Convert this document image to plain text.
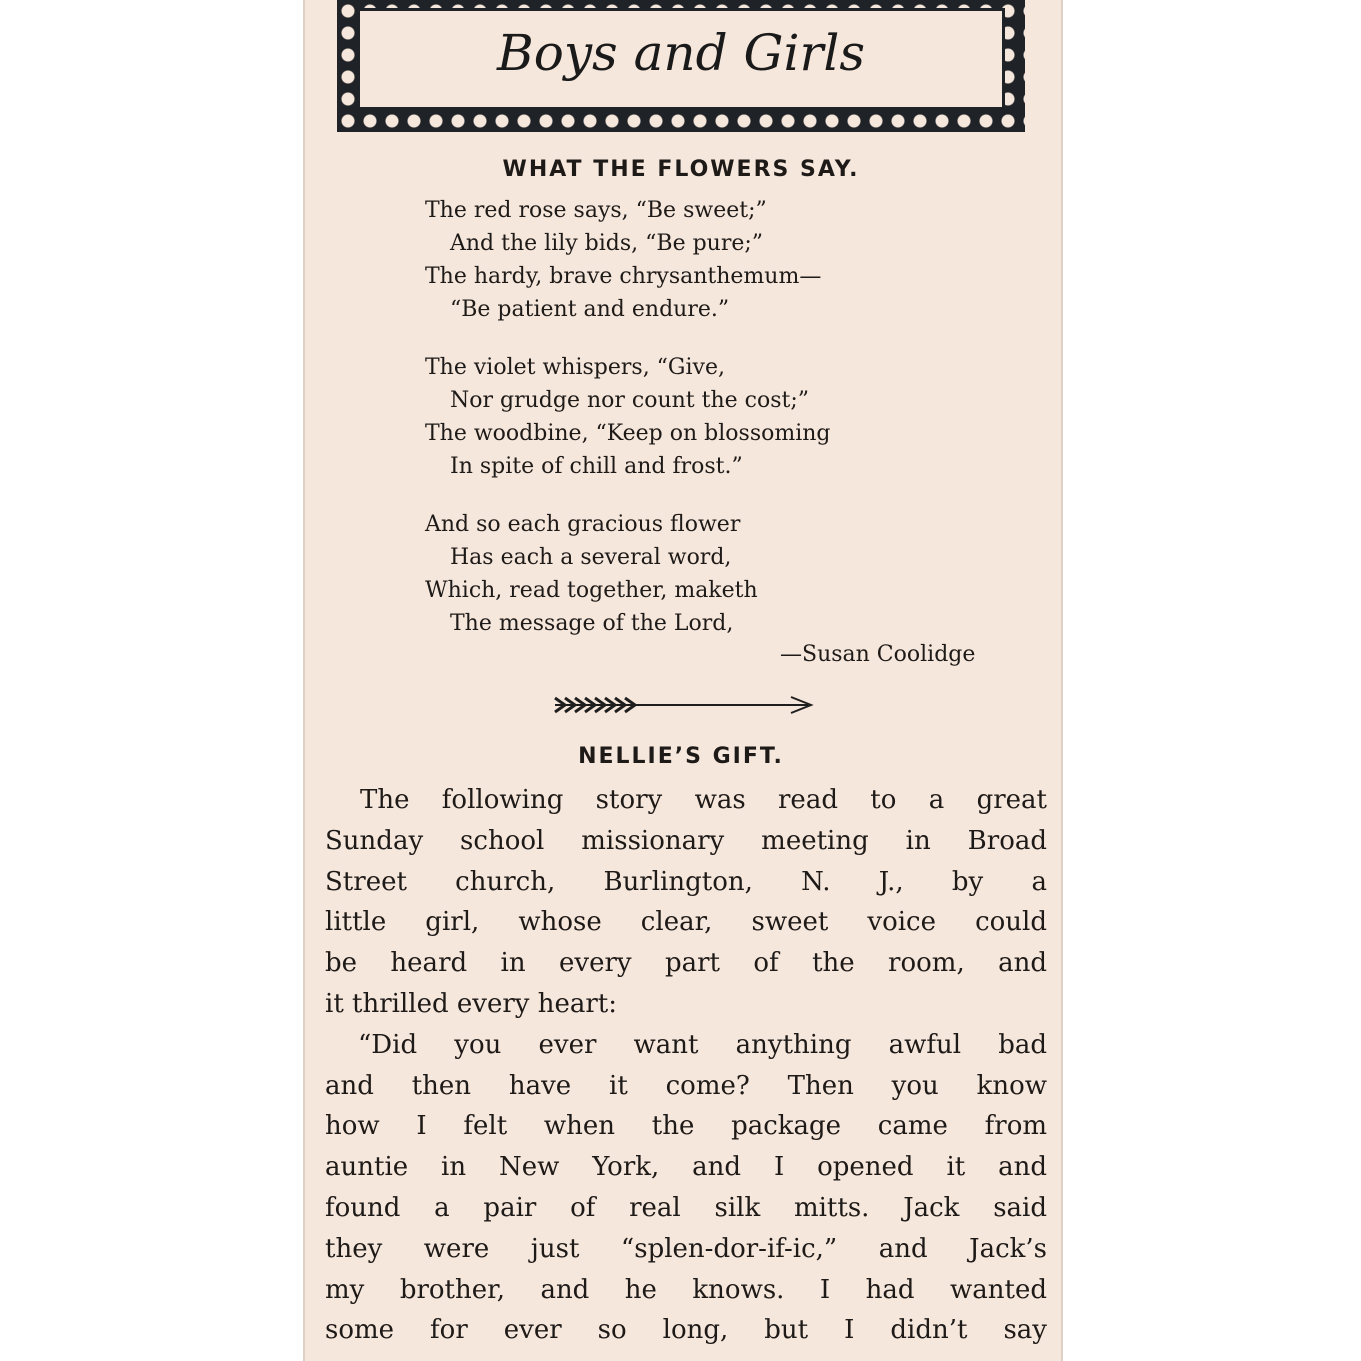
Boys and Girls
WHAT THE FLOWERS SAY.
The red rose says, “Be sweet;”
And the lily bids, “Be pure;”
The hardy, brave chrysanthemum—
“Be patient and endure.”
The violet whispers, “Give,
Nor grudge nor count the cost;”
The woodbine, “Keep on blossoming
In spite of chill and frost.”
And so each gracious flower
Has each a several word,
Which, read together, maketh
The message of the Lord,
—Susan Coolidge
NELLIE’S GIFT.
The following story was read to a great
Sunday school missionary meeting in Broad
Street church, Burlington, N. J., by a
little girl, whose clear, sweet voice could
be heard in every part of the room, and
it thrilled every heart:
“Did you ever want anything awful bad
and then have it come? Then you know
how I felt when the package came from
auntie in New York, and I opened it and
found a pair of real silk mitts. Jack said
they were just “splen-dor-if-ic,” and Jack’s
my brother, and he knows. I had wanted
some for ever so long, but I didn’t say
